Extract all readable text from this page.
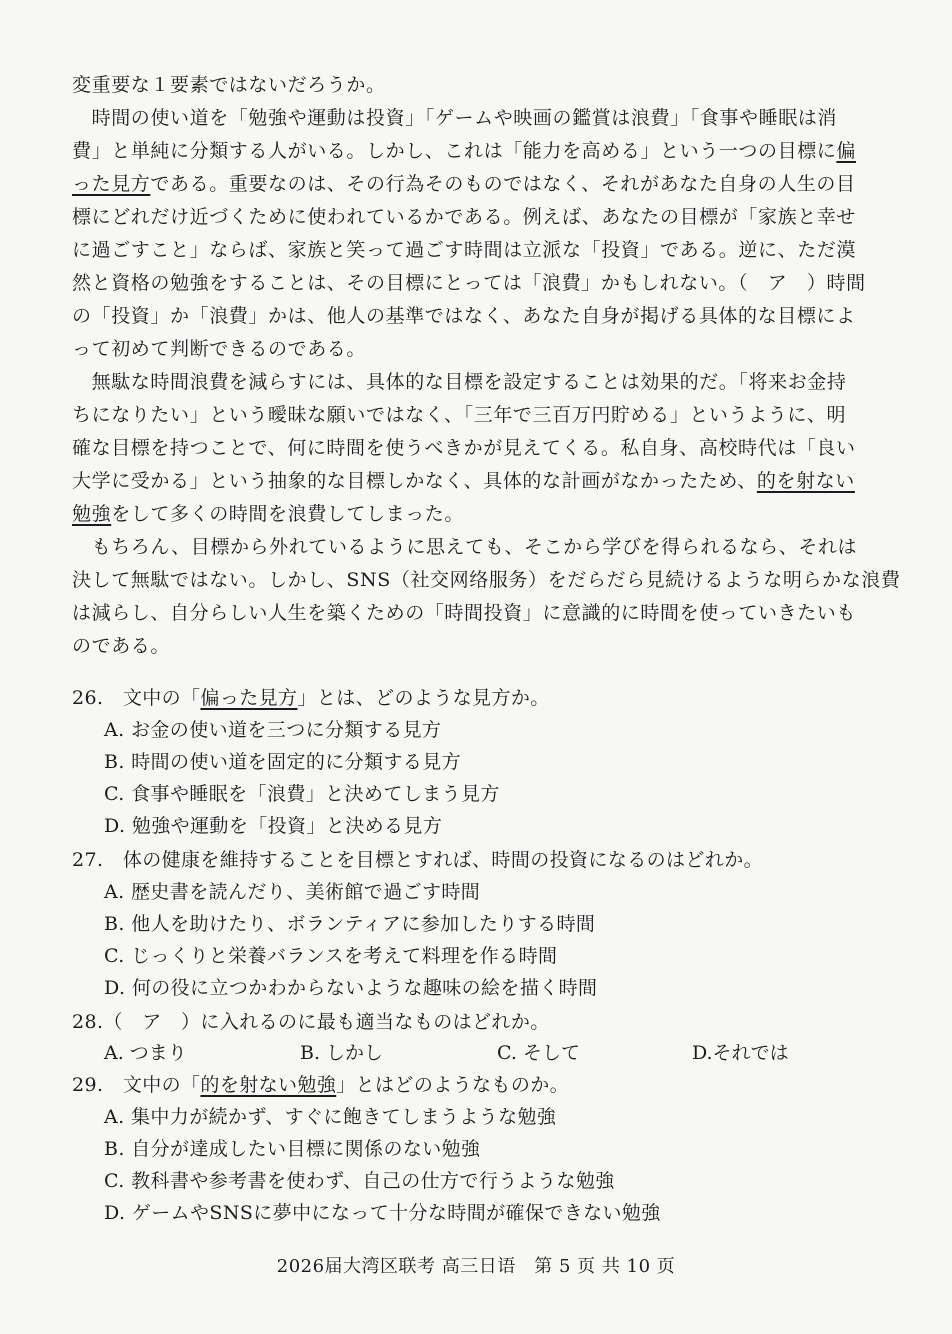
変重要な１要素ではないだろうか。
　時間の使い道を「勉強や運動は投資」「ゲームや映画の鑑賞は浪費」「食事や睡眠は消
費」と単純に分類する人がいる。しかし、これは「能力を高める」という一つの目標に偏
った見方である。重要なのは、その行為そのものではなく、それがあなた自身の人生の目
標にどれだけ近づくために使われているかである。例えば、あなたの目標が「家族と幸せ
に過ごすこと」ならば、家族と笑って過ごす時間は立派な「投資」である。逆に、ただ漠
然と資格の勉強をすることは、その目標にとっては「浪費」かもしれない。（　ア　）時間
の「投資」か「浪費」かは、他人の基準ではなく、あなた自身が掲げる具体的な目標によ
って初めて判断できるのである。
　無駄な時間浪費を減らすには、具体的な目標を設定することは効果的だ。「将来お金持
ちになりたい」という曖昧な願いではなく、「三年で三百万円貯める」というように、明
確な目標を持つことで、何に時間を使うべきかが見えてくる。私自身、高校時代は「良い
大学に受かる」という抽象的な目標しかなく、具体的な計画がなかったため、的を射ない
勉強をして多くの時間を浪費してしまった。
　もちろん、目標から外れているように思えても、そこから学びを得られるなら、それは
決して無駄ではない。しかし、SNS（社交网络服务）をだらだら見続けるような明らかな浪費
は減らし、自分らしい人生を築くための「時間投資」に意識的に時間を使っていきたいも
のである。
26.　文中の「偏った見方」とは、どのような見方か。
A. お金の使い道を三つに分類する見方
B. 時間の使い道を固定的に分類する見方
C. 食事や睡眠を「浪費」と決めてしまう見方
D. 勉強や運動を「投資」と決める見方
27.　体の健康を維持することを目標とすれば、時間の投資になるのはどれか。
A. 歴史書を読んだり、美術館で過ごす時間
B. 他人を助けたり、ボランティアに参加したりする時間
C. じっくりと栄養バランスを考えて料理を作る時間
D. 何の役に立つかわからないような趣味の絵を描く時間
28.（　ア　）に入れるのに最も適当なものはどれか。
A. つまり	B. しかし	C. そして	D.それでは
29.　文中の「的を射ない勉強」とはどのようなものか。
A. 集中力が続かず、すぐに飽きてしまうような勉強
B. 自分が達成したい目標に関係のない勉強
C. 教科書や参考書を使わず、自己の仕方で行うような勉強
D. ゲームやSNSに夢中になって十分な時間が確保できない勉強
2026届大湾区联考 高三日语　第 5 页 共 10 页
